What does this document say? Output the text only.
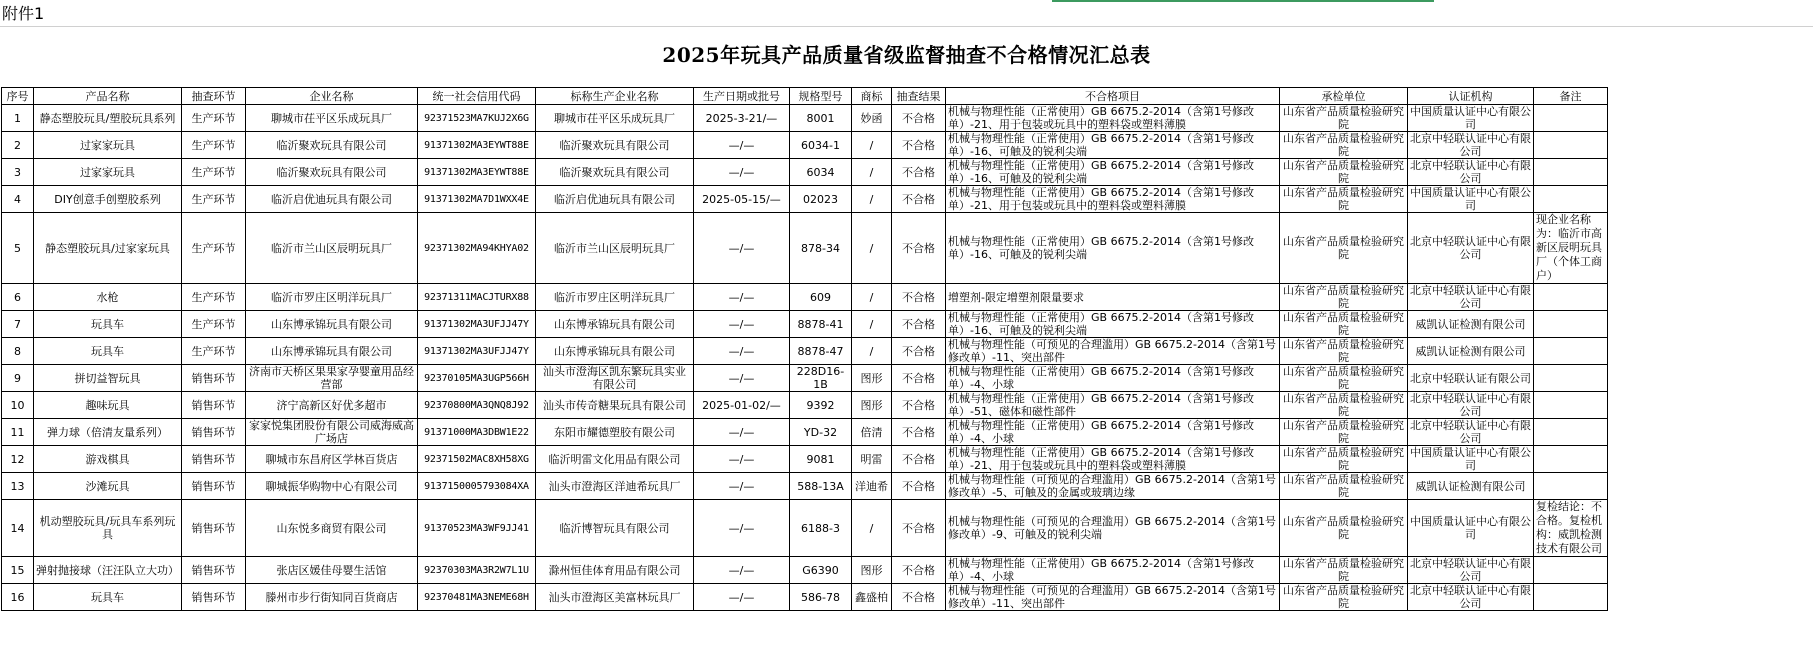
附件1
2025年玩具产品质量省级监督抽查不合格情况汇总表
序号	产品名称	抽查环节	企业名称	统一社会信用代码	标称生产企业名称	生产日期或批号	规格型号	商标	抽查结果	不合格项目	承检单位	认证机构	备注
1	静态塑胶玩具/塑胶玩具系列	生产环节	聊城市茌平区乐成玩具厂	92371523MA7KUJ2X6G	聊城市茌平区乐成玩具厂	2025-3-21/—	8001	妙函	不合格	机械与物理性能（正常使用）GB 6675.2-2014（含第1号修改单）-21、用于包装或玩具中的塑料袋或塑料薄膜	山东省产品质量检验研究院	中国质量认证中心有限公司	
2	过家家玩具	生产环节	临沂聚欢玩具有限公司	91371302MA3EYWT88E	临沂聚欢玩具有限公司	—/—	6034-1	/	不合格	机械与物理性能（正常使用）GB 6675.2-2014（含第1号修改单）-16、可触及的锐利尖端	山东省产品质量检验研究院	北京中轻联认证中心有限公司	
3	过家家玩具	生产环节	临沂聚欢玩具有限公司	91371302MA3EYWT88E	临沂聚欢玩具有限公司	—/—	6034	/	不合格	机械与物理性能（正常使用）GB 6675.2-2014（含第1号修改单）-16、可触及的锐利尖端	山东省产品质量检验研究院	北京中轻联认证中心有限公司	
4	DIY创意手创塑胶系列	生产环节	临沂启优迪玩具有限公司	91371302MA7D1WXX4E	临沂启优迪玩具有限公司	2025-05-15/—	02023	/	不合格	机械与物理性能（正常使用）GB 6675.2-2014（含第1号修改单）-21、用于包装或玩具中的塑料袋或塑料薄膜	山东省产品质量检验研究院	中国质量认证中心有限公司	
5	静态塑胶玩具/过家家玩具	生产环节	临沂市兰山区辰明玩具厂	92371302MA94KHYA02	临沂市兰山区辰明玩具厂	—/—	878-34	/	不合格	机械与物理性能（正常使用）GB 6675.2-2014（含第1号修改单）-16、可触及的锐利尖端	山东省产品质量检验研究院	北京中轻联认证中心有限公司	现企业名称为：临沂市高新区辰明玩具厂（个体工商户）
6	水枪	生产环节	临沂市罗庄区明洋玩具厂	92371311MACJTURX88	临沂市罗庄区明洋玩具厂	—/—	609	/	不合格	增塑剂-限定增塑剂限量要求	山东省产品质量检验研究院	北京中轻联认证中心有限公司	
7	玩具车	生产环节	山东博承锦玩具有限公司	91371302MA3UFJJ47Y	山东博承锦玩具有限公司	—/—	8878-41	/	不合格	机械与物理性能（正常使用）GB 6675.2-2014（含第1号修改单）-16、可触及的锐利尖端	山东省产品质量检验研究院	威凯认证检测有限公司	
8	玩具车	生产环节	山东博承锦玩具有限公司	91371302MA3UFJJ47Y	山东博承锦玩具有限公司	—/—	8878-47	/	不合格	机械与物理性能（可预见的合理滥用）GB 6675.2-2014（含第1号修改单）-11、突出部件	山东省产品质量检验研究院	威凯认证检测有限公司	
9	拼切益智玩具	销售环节	济南市天桥区果果家孕婴童用品经营部	92370105MA3UGP566H	汕头市澄海区凯东繁玩具实业有限公司	—/—	228D16-1B	图形	不合格	机械与物理性能（正常使用）GB 6675.2-2014（含第1号修改单）-4、小球	山东省产品质量检验研究院	北京中轻联认证有限公司	
10	趣味玩具	销售环节	济宁高新区好优多超市	92370800MA3QNQ8J92	汕头市传奇糖果玩具有限公司	2025-01-02/—	9392	图形	不合格	机械与物理性能（正常使用）GB 6675.2-2014（含第1号修改单）-51、磁体和磁性部件	山东省产品质量检验研究院	北京中轻联认证中心有限公司	
11	弹力球（倍清友量系列）	销售环节	家家悦集团股份有限公司威海威高广场店	91371000MA3DBW1E22	东阳市耀德塑胶有限公司	—/—	YD-32	倍清	不合格	机械与物理性能（正常使用）GB 6675.2-2014（含第1号修改单）-4、小球	山东省产品质量检验研究院	北京中轻联认证中心有限公司	
12	游戏棋具	销售环节	聊城市东昌府区学林百货店	92371502MAC8XH58XG	临沂明雷文化用品有限公司	—/—	9081	明雷	不合格	机械与物理性能（正常使用）GB 6675.2-2014（含第1号修改单）-21、用于包装或玩具中的塑料袋或塑料薄膜	山东省产品质量检验研究院	中国质量认证中心有限公司	
13	沙滩玩具	销售环节	聊城振华购物中心有限公司	9137150005793084XA	汕头市澄海区洋迪希玩具厂	—/—	588-13A	洋迪希	不合格	机械与物理性能（可预见的合理滥用）GB 6675.2-2014（含第1号修改单）-5、可触及的金属或玻璃边缘	山东省产品质量检验研究院	威凯认证检测有限公司	
14	机动塑胶玩具/玩具车系列玩具	销售环节	山东悦多商贸有限公司	91370523MA3WF9JJ41	临沂博智玩具有限公司	—/—	6188-3	/	不合格	机械与物理性能（可预见的合理滥用）GB 6675.2-2014（含第1号修改单）-9、可触及的锐利尖端	山东省产品质量检验研究院	中国质量认证中心有限公司	复检结论：不合格。复检机构：威凯检测技术有限公司
15	弹射抛接球（汪汪队立大功）	销售环节	张店区媛佳母婴生活馆	92370303MA3R2W7L1U	滁州恒佳体育用品有限公司	—/—	G6390	图形	不合格	机械与物理性能（正常使用）GB 6675.2-2014（含第1号修改单）-4、小球	山东省产品质量检验研究院	北京中轻联认证中心有限公司	
16	玩具车	销售环节	滕州市步行街知同百货商店	92370481MA3NEME68H	汕头市澄海区美富林玩具厂	—/—	586-78	鑫盛柏	不合格	机械与物理性能（可预见的合理滥用）GB 6675.2-2014（含第1号修改单）-11、突出部件	山东省产品质量检验研究院	北京中轻联认证中心有限公司	
